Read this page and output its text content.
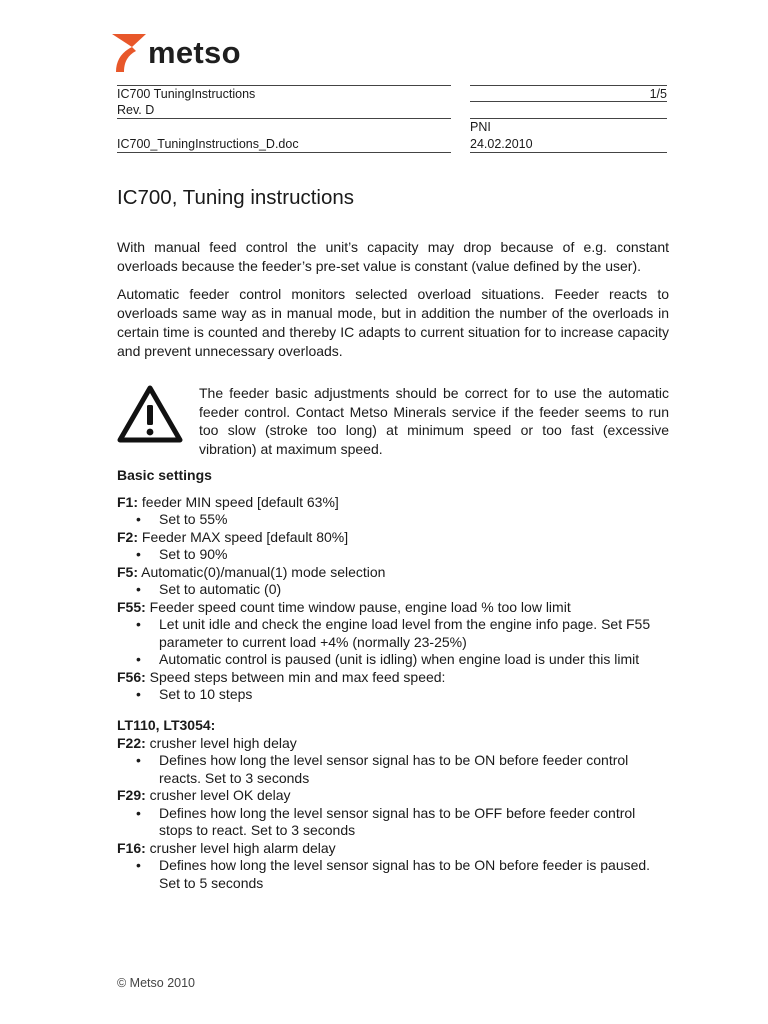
metso
IC700 TuningInstructions
Rev. D
IC700_TuningInstructions_D.doc
1/5
PNI
24.02.2010
IC700, Tuning instructions

With manual feed control the unit’s capacity may drop because of e.g. constant overloads because the feeder’s pre-set value is constant (value defined by the user).

Automatic feeder control monitors selected overload situations. Feeder reacts to overloads same way as in manual mode, but in addition the number of the overloads in certain time is counted and thereby IC adapts to current situation for to increase capacity and prevent unnecessary overloads.

The feeder basic adjustments should be correct for to use the automatic feeder control. Contact Metso Minerals service if the feeder seems to run too slow (stroke too long) at minimum speed or too fast (excessive vibration) at maximum speed.

Basic settings

F1: feeder MIN speed [default 63%]

• Set to 55%

F2: Feeder MAX speed [default 80%]

• Set to 90%

F5: Automatic(0)/manual(1) mode selection

• Set to automatic (0)

F55: Feeder speed count time window pause, engine load % too low limit

• Let unit idle and check the engine load level from the engine info page. Set F55 parameter to current load +4% (normally 23-25%)
• Automatic control is paused (unit is idling) when engine load is under this limit

F56: Speed steps between min and max feed speed:

• Set to 10 steps
LT110, LT3054:

F22: crusher level high delay

• Defines how long the level sensor signal has to be ON before feeder control reacts. Set to 3 seconds

F29: crusher level OK delay

• Defines how long the level sensor signal has to be OFF before feeder control stops to react. Set to 3 seconds

F16: crusher level high alarm delay

• Defines how long the level sensor signal has to be ON before feeder is paused. Set to 5 seconds
© Metso 2010
